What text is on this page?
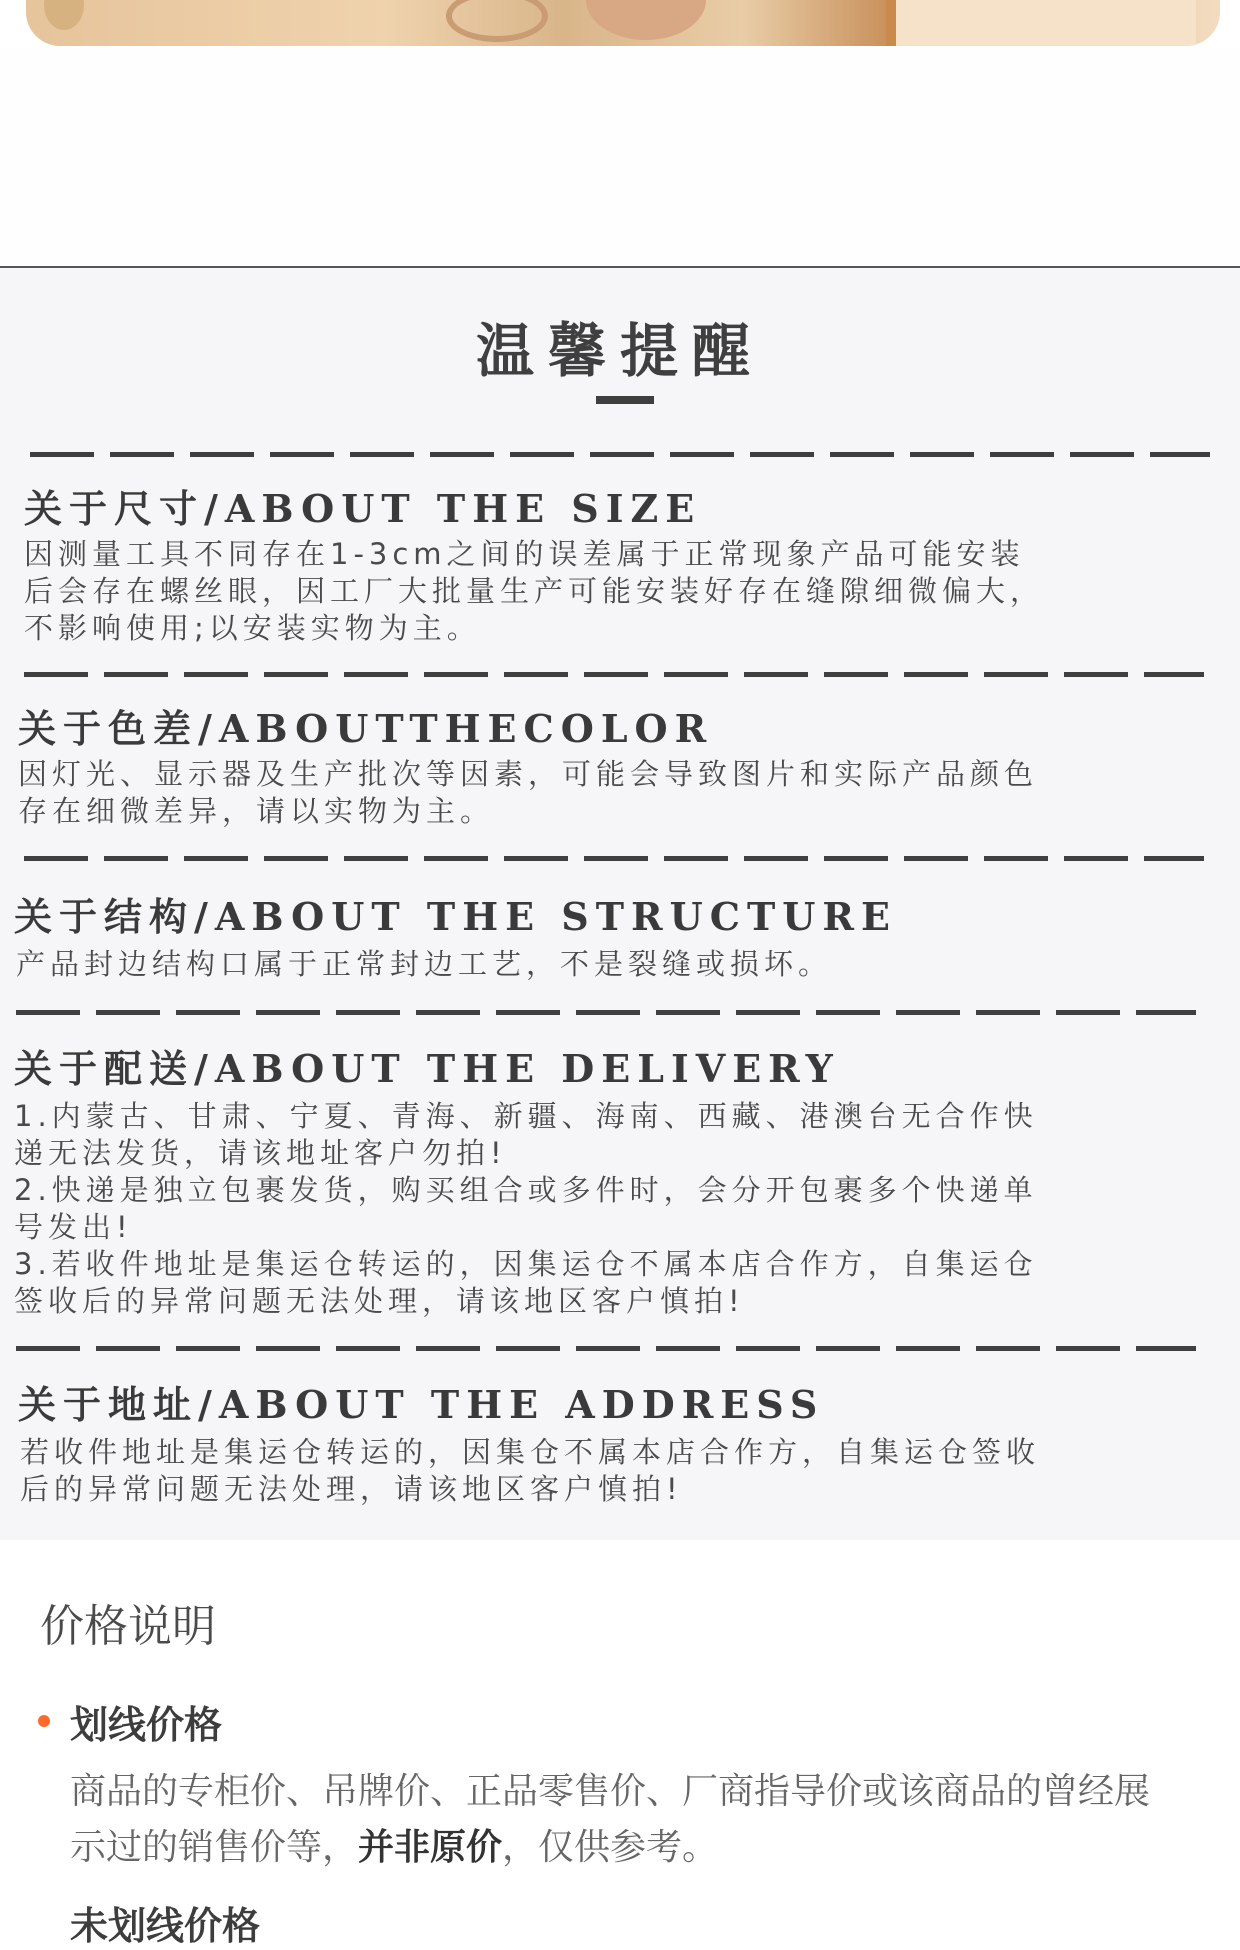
温馨提醒
关于尺寸/ABOUT THE SIZE
因测量工具不同存在1-3cm之间的误差属于正常现象产品可能安装
后会存在螺丝眼，因工厂大批量生产可能安装好存在缝隙细微偏大，
不影响使用;以安装实物为主。
关于色差/ABOUTTHECOLOR
因灯光、显示器及生产批次等因素，可能会导致图片和实际产品颜色
存在细微差异，请以实物为主。
关于结构/ABOUT THE STRUCTURE
产品封边结构口属于正常封边工艺，不是裂缝或损坏。
关于配送/ABOUT THE DELIVERY
1.内蒙古、甘肃、宁夏、青海、新疆、海南、西藏、港澳台无合作快
递无法发货，请该地址客户勿拍!
2.快递是独立包裹发货，购买组合或多件时，会分开包裹多个快递单
号发出!
3.若收件地址是集运仓转运的，因集运仓不属本店合作方，自集运仓
签收后的异常问题无法处理，请该地区客户慎拍!
关于地址/ABOUT THE ADDRESS
若收件地址是集运仓转运的，因集仓不属本店合作方，自集运仓签收
后的异常问题无法处理，请该地区客户慎拍!
价格说明
划线价格
商品的专柜价、吊牌价、正品零售价、厂商指导价或该商品的曾经展示过的销售价等，并非原价，仅供参考。
未划线价格
